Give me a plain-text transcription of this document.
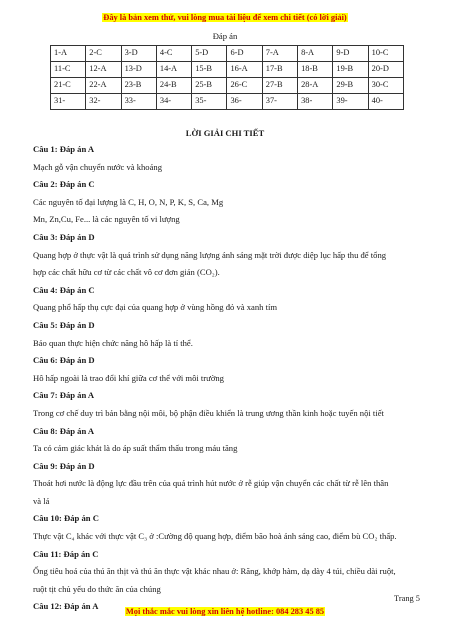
Đây là bản xem thử, vui lòng mua tài liệu để xem chi tiết (có lời giải)
Đáp án
1-A	2-C	3-D	4-C	5-D	6-D	7-A	8-A	9-D	10-C
11-C	12-A	13-D	14-A	15-B	16-A	17-B	18-B	19-B	20-D
21-C	22-A	23-B	24-B	25-B	26-C	27-B	28-A	29-B	30-C
31-	32-	33-	34-	35-	36-	37-	38-	39-	40-
LỜI GIẢI CHI TIẾT
Câu 1: Đáp án A
Mạch gỗ vận chuyển nước và khoáng
Câu 2: Đáp án C
Các nguyên tố đại lượng là C, H, O, N, P, K, S, Ca, Mg
Mn, Zn,Cu, Fe... là các nguyên tố vi lượng
Câu 3: Đáp án D
Quang hợp ở thực vật là quá trình sử dụng năng lượng ánh sáng mặt trời được diệp lục hấp thu để tổng
hợp các chất hữu cơ từ các chất vô cơ đơn giản (CO₂).
Câu 4: Đáp án C
Quang phổ hấp thụ cực đại của quang hợp ở vùng hồng đỏ và xanh tím
Câu 5: Đáp án D
Bảo quan thực hiện chức năng hô hấp là tỉ thể.
Câu 6: Đáp án D
Hô hấp ngoài là trao đổi khí giữa cơ thể với môi trường
Câu 7: Đáp án A
Trong cơ chế duy trì bản bằng nội môi, bộ phận điều khiển là trung ương thần kinh hoặc tuyến nội tiết
Câu 8: Đáp án A
Ta có cảm giác khát là do áp suất thẩm thấu trong máu tăng
Câu 9: Đáp án D
Thoát hơi nước là động lực đầu trên của quá trình hút nước ở rễ giúp vận chuyển các chất từ rễ lên thân
và lá
Câu 10: Đáp án C
Thực vật C₄ khác với thực vật C₃ ở :Cường độ quang hợp, điểm bão hoà ánh sáng cao, điểm bù CO₂ thấp.
Câu 11: Đáp án C
Ống tiêu hoá của thú ăn thịt và thú ăn thực vật khác nhau ở: Răng, khớp hàm, dạ dày 4 túi, chiều dài ruột,
ruột tịt chủ yếu do thức ăn của chúng
Câu 12: Đáp án A
Trang 5
Mọi thắc mắc vui lòng xin liên hệ hotline: 084 283 45 85
